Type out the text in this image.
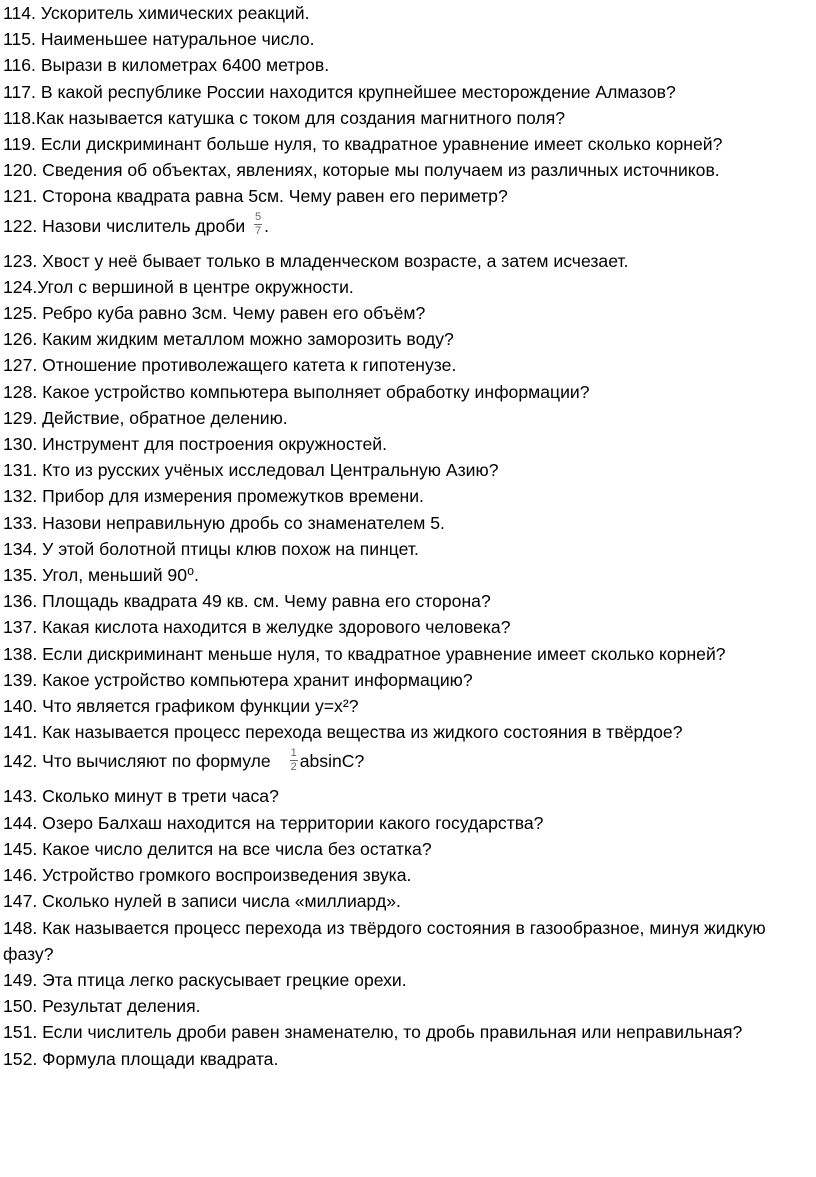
114. Ускоритель химических реакций.
115. Наименьшее натуральное число.
116. Вырази в километрах 6400 метров.
117. В какой республике России находится крупнейшее месторождение Алмазов?
118.Как называется катушка с током для создания магнитного поля?
119. Если дискриминант больше нуля, то квадратное уравнение имеет сколько корней?
120. Сведения об объектах, явлениях, которые мы получаем из различных источников.
121. Сторона квадрата равна 5см. Чему равен его периметр?
122. Назови числитель дроби $\frac{5}{7}$ .
123. Хвост у неё бывает только в младенческом возрасте, а затем исчезает.
124.Угол с вершиной в центре окружности.
125. Ребро куба равно 3см. Чему равен его объём?
126. Каким жидким металлом можно заморозить воду?
127. Отношение противолежащего катета к гипотенузе.
128. Какое устройство компьютера выполняет обработку информации?
129. Действие, обратное делению.
130. Инструмент для построения окружностей.
131. Кто из русских учёных исследовал Центральную Азию?
132. Прибор для измерения промежутков времени.
133. Назови неправильную дробь со знаменателем 5.
134. У этой болотной птицы клюв похож на пинцет.
135. Угол, меньший 90⁰.
136. Площадь квадрата 49 кв. см. Чему равна его сторона?
137. Какая кислота находится в желудке здорового человека?
138. Если дискриминант меньше нуля, то квадратное уравнение имеет сколько корней?
139. Какое устройство компьютера хранит информацию?
140. Что является графиком функции у=х²?
141. Как называется процесс перехода вещества из жидкого состояния в твёрдое?
142. Что вычисляют по формуле $\frac{1}{2} аbsinC$?
143. Сколько минут в трети часа?
144. Озеро Балхаш находится на территории какого государства?
145. Какое число делится на все числа без остатка?
146. Устройство громкого воспроизведения звука.
147. Сколько нулей в записи числа «миллиард».
148. Как называется процесс перехода из твёрдого состояния в газообразное, минуя жидкую фазу?
149. Эта птица легко раскусывает грецкие орехи.
150. Результат деления.
151. Если числитель дроби равен знаменателю, то дробь правильная или неправильная?
152. Формула площади квадрата.
